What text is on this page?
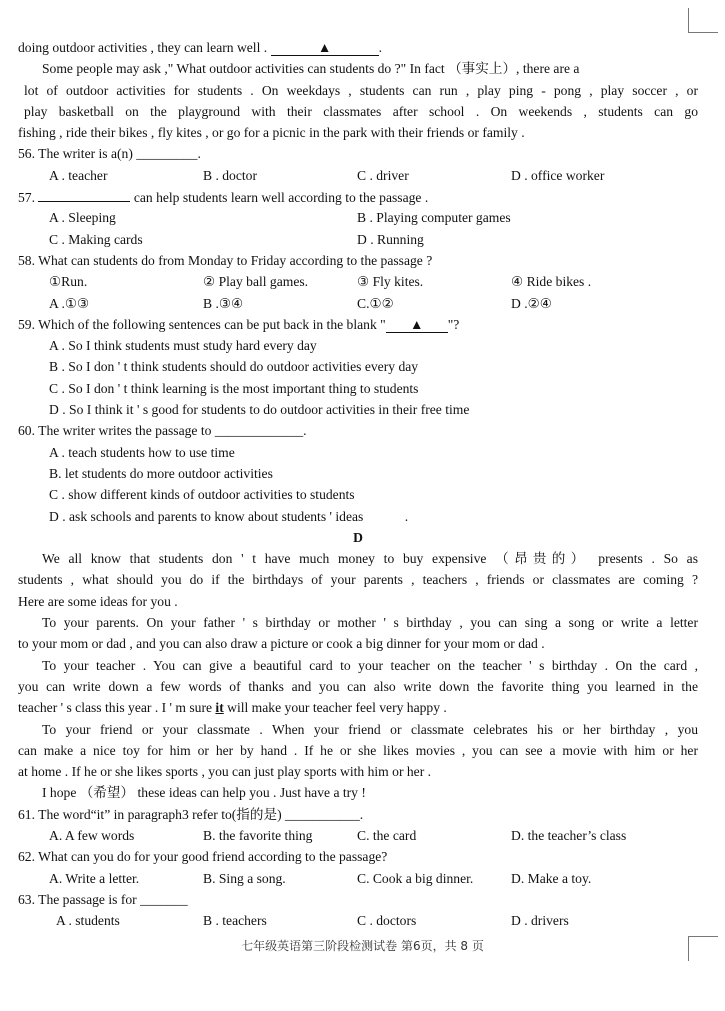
doing outdoor activities , they can learn well .	▲	.
Some people may ask ," What outdoor activities can students do ?" In fact （事实上）, there are a
lot of outdoor activities for students . On weekdays , students can run , play ping - pong , play soccer , or
play basketball on the playground with their classmates after school . On weekends , students can go
fishing , ride their bikes , fly kites , or go for a picnic in the park with their friends or family .
56. The writer is a(n) _________.
A . teacher	B . doctor	C . driver	D . office worker
57.	can help students learn well according to the passage .
A . Sleeping	B . Playing computer games
C . Making cards	D . Running
58. What can students do from Monday to Friday according to the passage ?
①Run.	② Play ball games.	③ Fly kites.	④ Ride bikes .
A .①③	B .③④	C.①②	D .②④
59. Which of the following sentences can be put back in the blank " ▲ "?
A . So I think students must study hard every day
B . So I don ' t think students should do outdoor activities every day
C . So I don ' t think learning is the most important thing to students
D . So I think it ' s good for students to do outdoor activities in their free time
60. The writer writes the passage to _____________.
A . teach students how to use time
B. let students do more outdoor activities
C . show different kinds of outdoor activities to students
D . ask schools and parents to know about students ' ideas	.
D
We all know that students don ' t have much money to buy expensive （昂贵的） presents . So as
students , what should you do if the birthdays of your parents , teachers , friends or classmates are coming ?
Here are some ideas for you .
To your parents. On your father ' s birthday or mother ' s birthday , you can sing a song or write a letter
to your mom or dad , and you can also draw a picture or cook a big dinner for your mom or dad .
To your teacher . You can give a beautiful card to your teacher on the teacher ' s birthday . On the card ,
you can write down a few words of thanks and you can also write down the favorite thing you learned in the
teacher ' s class this year . I ' m sure it will make your teacher feel very happy .
To your friend or your classmate . When your friend or classmate celebrates his or her birthday , you
can make a nice toy for him or her by hand . If he or she likes movies , you can see a movie with him or her
at home . If he or she likes sports , you can just play sports with him or her .
I hope （希望） these ideas can help you . Just have a try !
61. The word“it” in paragraph3 refer to(指的是) ___________.
A. A few words	B. the favorite thing	C. the card	D. the teacher’s class
62. What can you do for your good friend according to the passage?
A. Write a letter.	B. Sing a song.	C. Cook a big dinner.	D. Make a toy.
63. The passage is for _______
A . students	B . teachers	C . doctors	D . drivers
七年级英语第三阶段检测试卷 第6页，共 8 页
